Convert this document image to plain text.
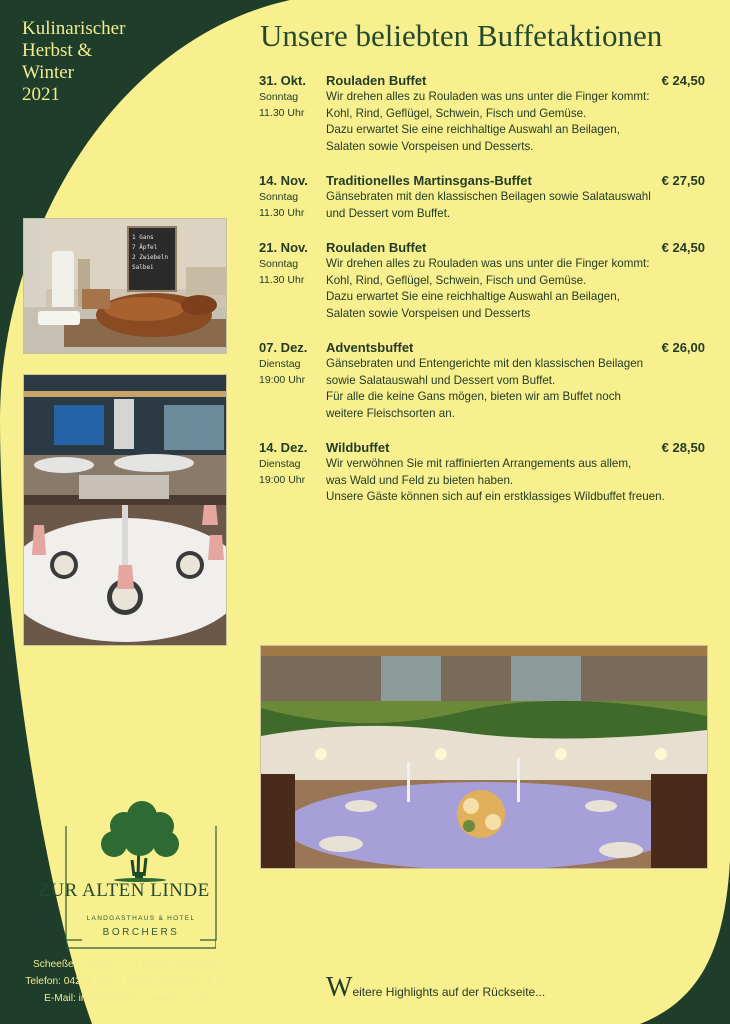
Kulinarischer
Herbst &
Winter
2021
Unsere beliebten Buffetaktionen
31. Okt.
Sonntag
11.30 Uhr
Rouladen Buffet
Wir drehen alles zu Rouladen was uns unter die Finger kommt:
Kohl, Rind, Geflügel, Schwein, Fisch und Gemüse.
Dazu erwartet Sie eine reichhaltige Auswahl an Beilagen,
Salaten sowie Vorspeisen und Desserts.
€ 24,50
14. Nov.
Sonntag
11.30 Uhr
Traditionelles Martinsgans-Buffet
Gänsebraten mit den klassischen Beilagen sowie Salatauswahl
und Dessert vom Buffet.
€ 27,50
21. Nov.
Sonntag
11.30 Uhr
Rouladen Buffet
Wir drehen alles zu Rouladen was uns unter die Finger kommt:
Kohl, Rind, Geflügel, Schwein, Fisch und Gemüse.
Dazu erwartet Sie eine reichhaltige Auswahl an Beilagen,
Salaten sowie Vorspeisen und Desserts
€ 24,50
07. Dez.
Dienstag
19:00 Uhr
Adventsbuffet
Gänsebraten und Entengerichte mit den klassischen Beilagen
sowie Salatauswahl und Dessert vom Buffet.
Für alle die keine Gans mögen, bieten wir am Buffet noch
weitere Fleischsorten an.
€ 26,00
14. Dez.
Dienstag
19:00 Uhr
Wildbuffet
Wir verwöhnen Sie mit raffinierten Arrangements aus allem,
was Wald und Feld zu bieten haben.
Unsere Gäste können sich auf ein erstklassiges Wildbuffet freuen.
€ 28,50
1 Gans
7 Äpfel
2 Zwiebeln
Salbei
ZUR ALTEN LINDE
LANDGASTHAUS & HOTEL
BORCHERS
Scheeßeler Straße 10 | 27419 Hamersen
Telefon: 04282.1641 | Mobil: 0170.516 75 15
E-Mail: info@borchers-hamersen.de	Weitere Highlights auf der Rückseite...
